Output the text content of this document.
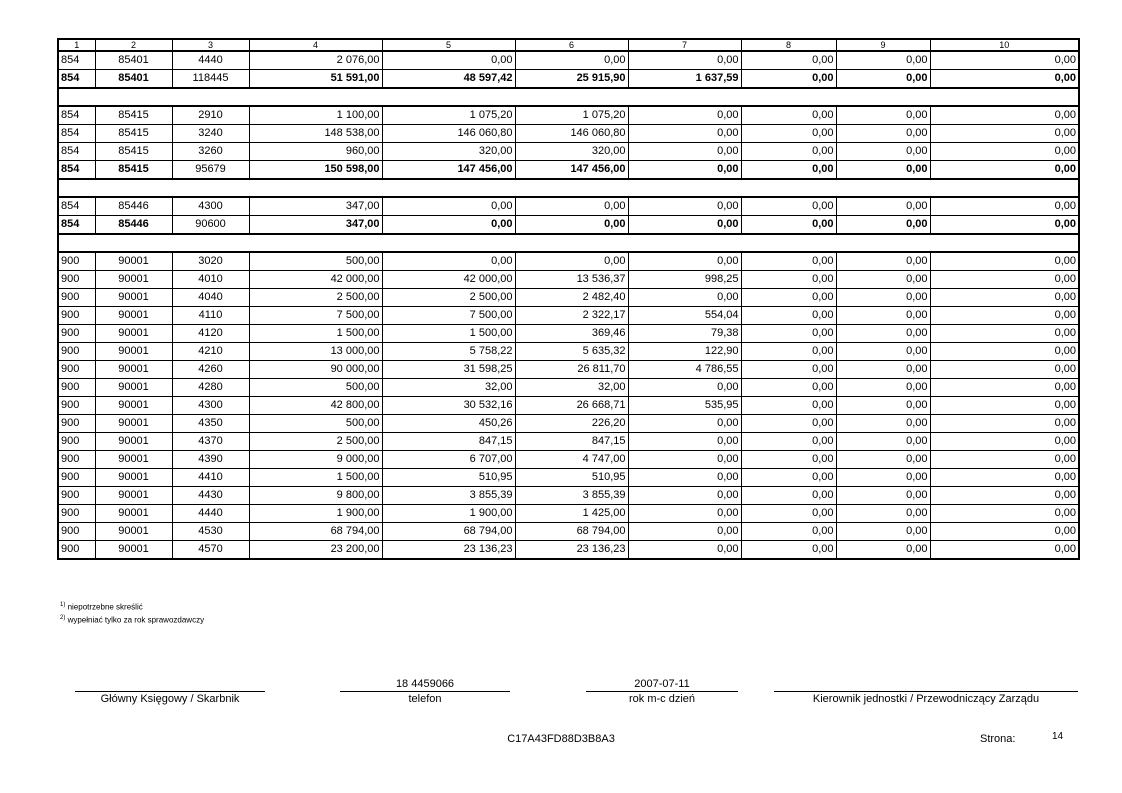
1	2	3	4	5	6	7	8	9	10
854	85401	4440	2 076,00	0,00	0,00	0,00	0,00	0,00	0,00
854	85401	118445	51 591,00	48 597,42	25 915,90	1 637,59	0,00	0,00	0,00

854	85415	2910	1 100,00	1 075,20	1 075,20	0,00	0,00	0,00	0,00
854	85415	3240	148 538,00	146 060,80	146 060,80	0,00	0,00	0,00	0,00
854	85415	3260	960,00	320,00	320,00	0,00	0,00	0,00	0,00
854	85415	95679	150 598,00	147 456,00	147 456,00	0,00	0,00	0,00	0,00

854	85446	4300	347,00	0,00	0,00	0,00	0,00	0,00	0,00
854	85446	90600	347,00	0,00	0,00	0,00	0,00	0,00	0,00

900	90001	3020	500,00	0,00	0,00	0,00	0,00	0,00	0,00
900	90001	4010	42 000,00	42 000,00	13 536,37	998,25	0,00	0,00	0,00
900	90001	4040	2 500,00	2 500,00	2 482,40	0,00	0,00	0,00	0,00
900	90001	4110	7 500,00	7 500,00	2 322,17	554,04	0,00	0,00	0,00
900	90001	4120	1 500,00	1 500,00	369,46	79,38	0,00	0,00	0,00
900	90001	4210	13 000,00	5 758,22	5 635,32	122,90	0,00	0,00	0,00
900	90001	4260	90 000,00	31 598,25	26 811,70	4 786,55	0,00	0,00	0,00
900	90001	4280	500,00	32,00	32,00	0,00	0,00	0,00	0,00
900	90001	4300	42 800,00	30 532,16	26 668,71	535,95	0,00	0,00	0,00
900	90001	4350	500,00	450,26	226,20	0,00	0,00	0,00	0,00
900	90001	4370	2 500,00	847,15	847,15	0,00	0,00	0,00	0,00
900	90001	4390	9 000,00	6 707,00	4 747,00	0,00	0,00	0,00	0,00
900	90001	4410	1 500,00	510,95	510,95	0,00	0,00	0,00	0,00
900	90001	4430	9 800,00	3 855,39	3 855,39	0,00	0,00	0,00	0,00
900	90001	4440	1 900,00	1 900,00	1 425,00	0,00	0,00	0,00	0,00
900	90001	4530	68 794,00	68 794,00	68 794,00	0,00	0,00	0,00	0,00
900	90001	4570	23 200,00	23 136,23	23 136,23	0,00	0,00	0,00	0,00
$^{1)}$ niepotrzebne skreślić
$^{2)}$ wypełniać tylko za rok sprawozdawczy
Główny Księgowy / Skarbnik
18 4459066
telefon
2007-07-11
rok m-c dzień	Kierownik jednostki / Przewodniczący Zarządu
C17A43FD88D3B8A3	Strona:	14
